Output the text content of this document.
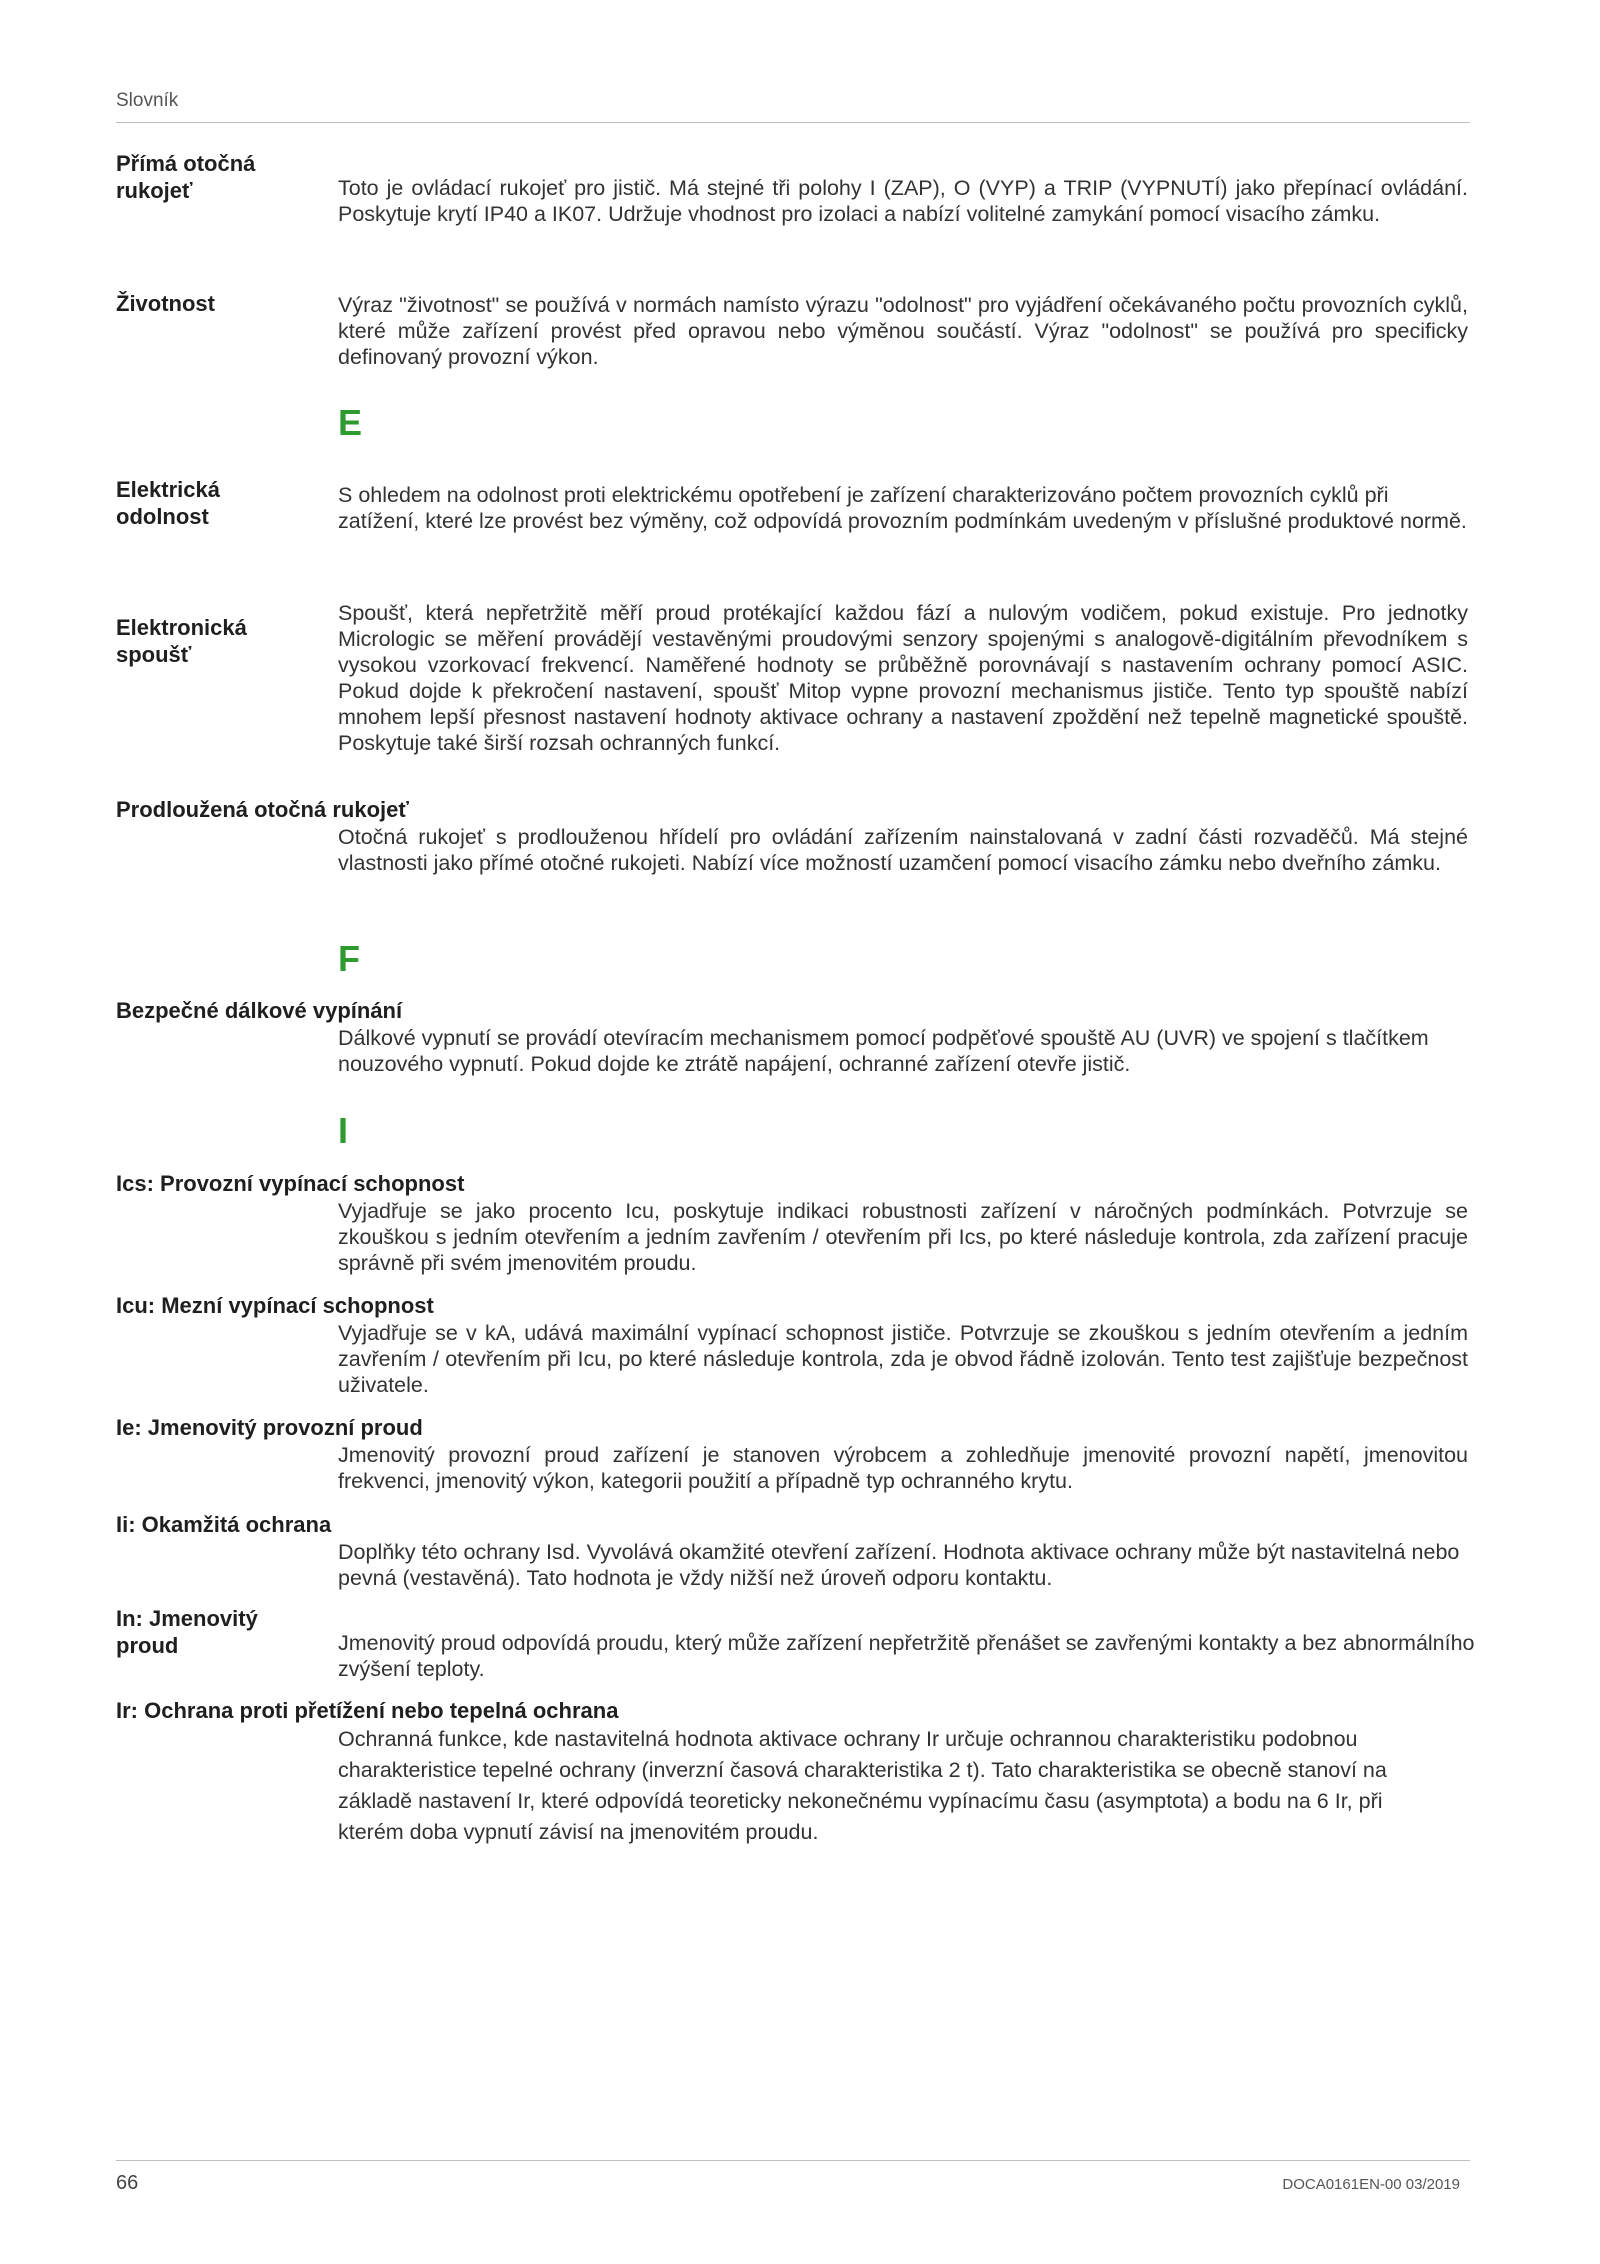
Slovník
Přímá otočná rukojeť	Toto je ovládací rukojeť pro jistič. Má stejné tři polohy I (ZAP), O (VYP) a TRIP (VYPNUTÍ) jako přepínací ovládání. Poskytuje krytí IP40 a IK07. Udržuje vhodnost pro izolaci a nabízí volitelné zamykání pomocí visacího zámku.
Životnost	Výraz "životnost" se používá v normách namísto výrazu "odolnost" pro vyjádření očekávaného počtu provozních cyklů, které může zařízení provést před opravou nebo výměnou součástí. Výraz "odolnost" se používá pro specificky definovaný provozní výkon.
E
Elektrická odolnost
S ohledem na odolnost proti elektrickému opotřebení je zařízení charakterizováno počtem provozních cyklů při zatížení, které lze provést bez výměny, což odpovídá provozním podmínkám uvedeným v příslušné produktové normě.
Elektronická spoušť
Spoušť, která nepřetržitě měří proud protékající každou fází a nulovým vodičem, pokud existuje. Pro jednotky Micrologic se měření provádějí vestavěnými proudovými senzory spojenými s analogově-digitálním převodníkem s vysokou vzorkovací frekvencí. Naměřené hodnoty se průběžně porovnávají s nastavením ochrany pomocí ASIC. Pokud dojde k překročení nastavení, spoušť Mitop vypne provozní mechanismus jističe. Tento typ spouště nabízí mnohem lepší přesnost nastavení hodnoty aktivace ochrany a nastavení zpoždění než tepelně magnetické spouště. Poskytuje také širší rozsah ochranných funkcí.
Prodloužená otočná rukojeť
Otočná rukojeť s prodlouženou hřídelí pro ovládání zařízením nainstalovaná v zadní části rozvaděčů. Má stejné vlastnosti jako přímé otočné rukojeti. Nabízí více možností uzamčení pomocí visacího zámku nebo dveřního zámku.
F
Bezpečné dálkové vypínání
Dálkové vypnutí se provádí otevíracím mechanismem pomocí podpěťové spouště AU (UVR) ve spojení s tlačítkem nouzového vypnutí. Pokud dojde ke ztrátě napájení, ochranné zařízení otevře jistič.
I
Ics: Provozní vypínací schopnost
Vyjadřuje se jako procento Icu, poskytuje indikaci robustnosti zařízení v náročných podmínkách. Potvrzuje se zkouškou s jedním otevřením a jedním zavřením / otevřením při Ics, po které následuje kontrola, zda zařízení pracuje správně při svém jmenovitém proudu.
Icu: Mezní vypínací schopnost
Vyjadřuje se v kA, udává maximální vypínací schopnost jističe. Potvrzuje se zkouškou s jedním otevřením a jedním zavřením / otevřením při Icu, po které následuje kontrola, zda je obvod řádně izolován. Tento test zajišťuje bezpečnost uživatele.
Ie: Jmenovitý provozní proud
Jmenovitý provozní proud zařízení je stanoven výrobcem a zohledňuje jmenovité provozní napětí, jmenovitou frekvenci, jmenovitý výkon, kategorii použití a případně typ ochranného krytu.
Ii: Okamžitá ochrana
Doplňky této ochrany Isd. Vyvolává okamžité otevření zařízení. Hodnota aktivace ochrany může být nastavitelná nebo pevná (vestavěná). Tato hodnota je vždy nižší než úroveň odporu kontaktu.
In: Jmenovitý proud	Jmenovitý proud odpovídá proudu, který může zařízení nepřetržitě přenášet se zavřenými kontakty a bez abnormálního zvýšení teploty.
Ir: Ochrana proti přetížení nebo tepelná ochrana
Ochranná funkce, kde nastavitelná hodnota aktivace ochrany Ir určuje ochrannou charakteristiku podobnou charakteristice tepelné ochrany (inverzní časová charakteristika 2 t). Tato charakteristika se obecně stanoví na základě nastavení Ir, které odpovídá teoreticky nekonečnému vypínacímu času (asymptota) a bodu na 6 Ir, při kterém doba vypnutí závisí na jmenovitém proudu.
66	DOCA0161EN-00 03/2019
